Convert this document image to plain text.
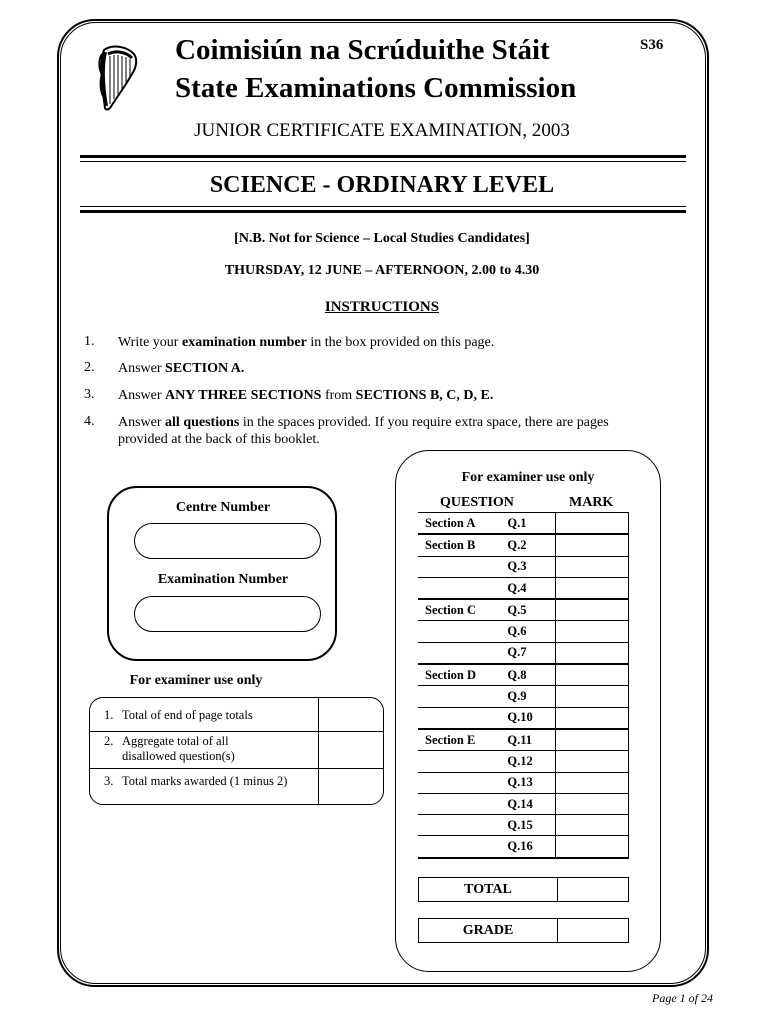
S36
Coimisiún na Scrúduithe Stáit
State Examinations Commission
JUNIOR CERTIFICATE EXAMINATION, 2003
SCIENCE - ORDINARY LEVEL
[N.B. Not for Science – Local Studies Candidates]
THURSDAY, 12 JUNE – AFTERNOON, 2.00 to 4.30
INSTRUCTIONS
1. Write your examination number in the box provided on this page.
2. Answer SECTION A.
3. Answer ANY THREE SECTIONS from SECTIONS B, C, D, E.
4. Answer all questions in the spaces provided. If you require extra space, there are pages provided at the back of this booklet.
Centre Number
Examination Number
For examiner use only
1. Total of end of page totals
2. Aggregate total of all disallowed question(s)
3. Total marks awarded (1 minus 2)
For examiner use only
QUESTION	MARK
Section A	Q.1	
Section B	Q.2	
	Q.3	
	Q.4	
Section C	Q.5	
	Q.6	
	Q.7	
Section D	Q.8	
	Q.9	
	Q.10	
Section E	Q.11	
	Q.12	
	Q.13	
	Q.14	
	Q.15	
	Q.16	
TOTAL
GRADE
Page 1 of 24
